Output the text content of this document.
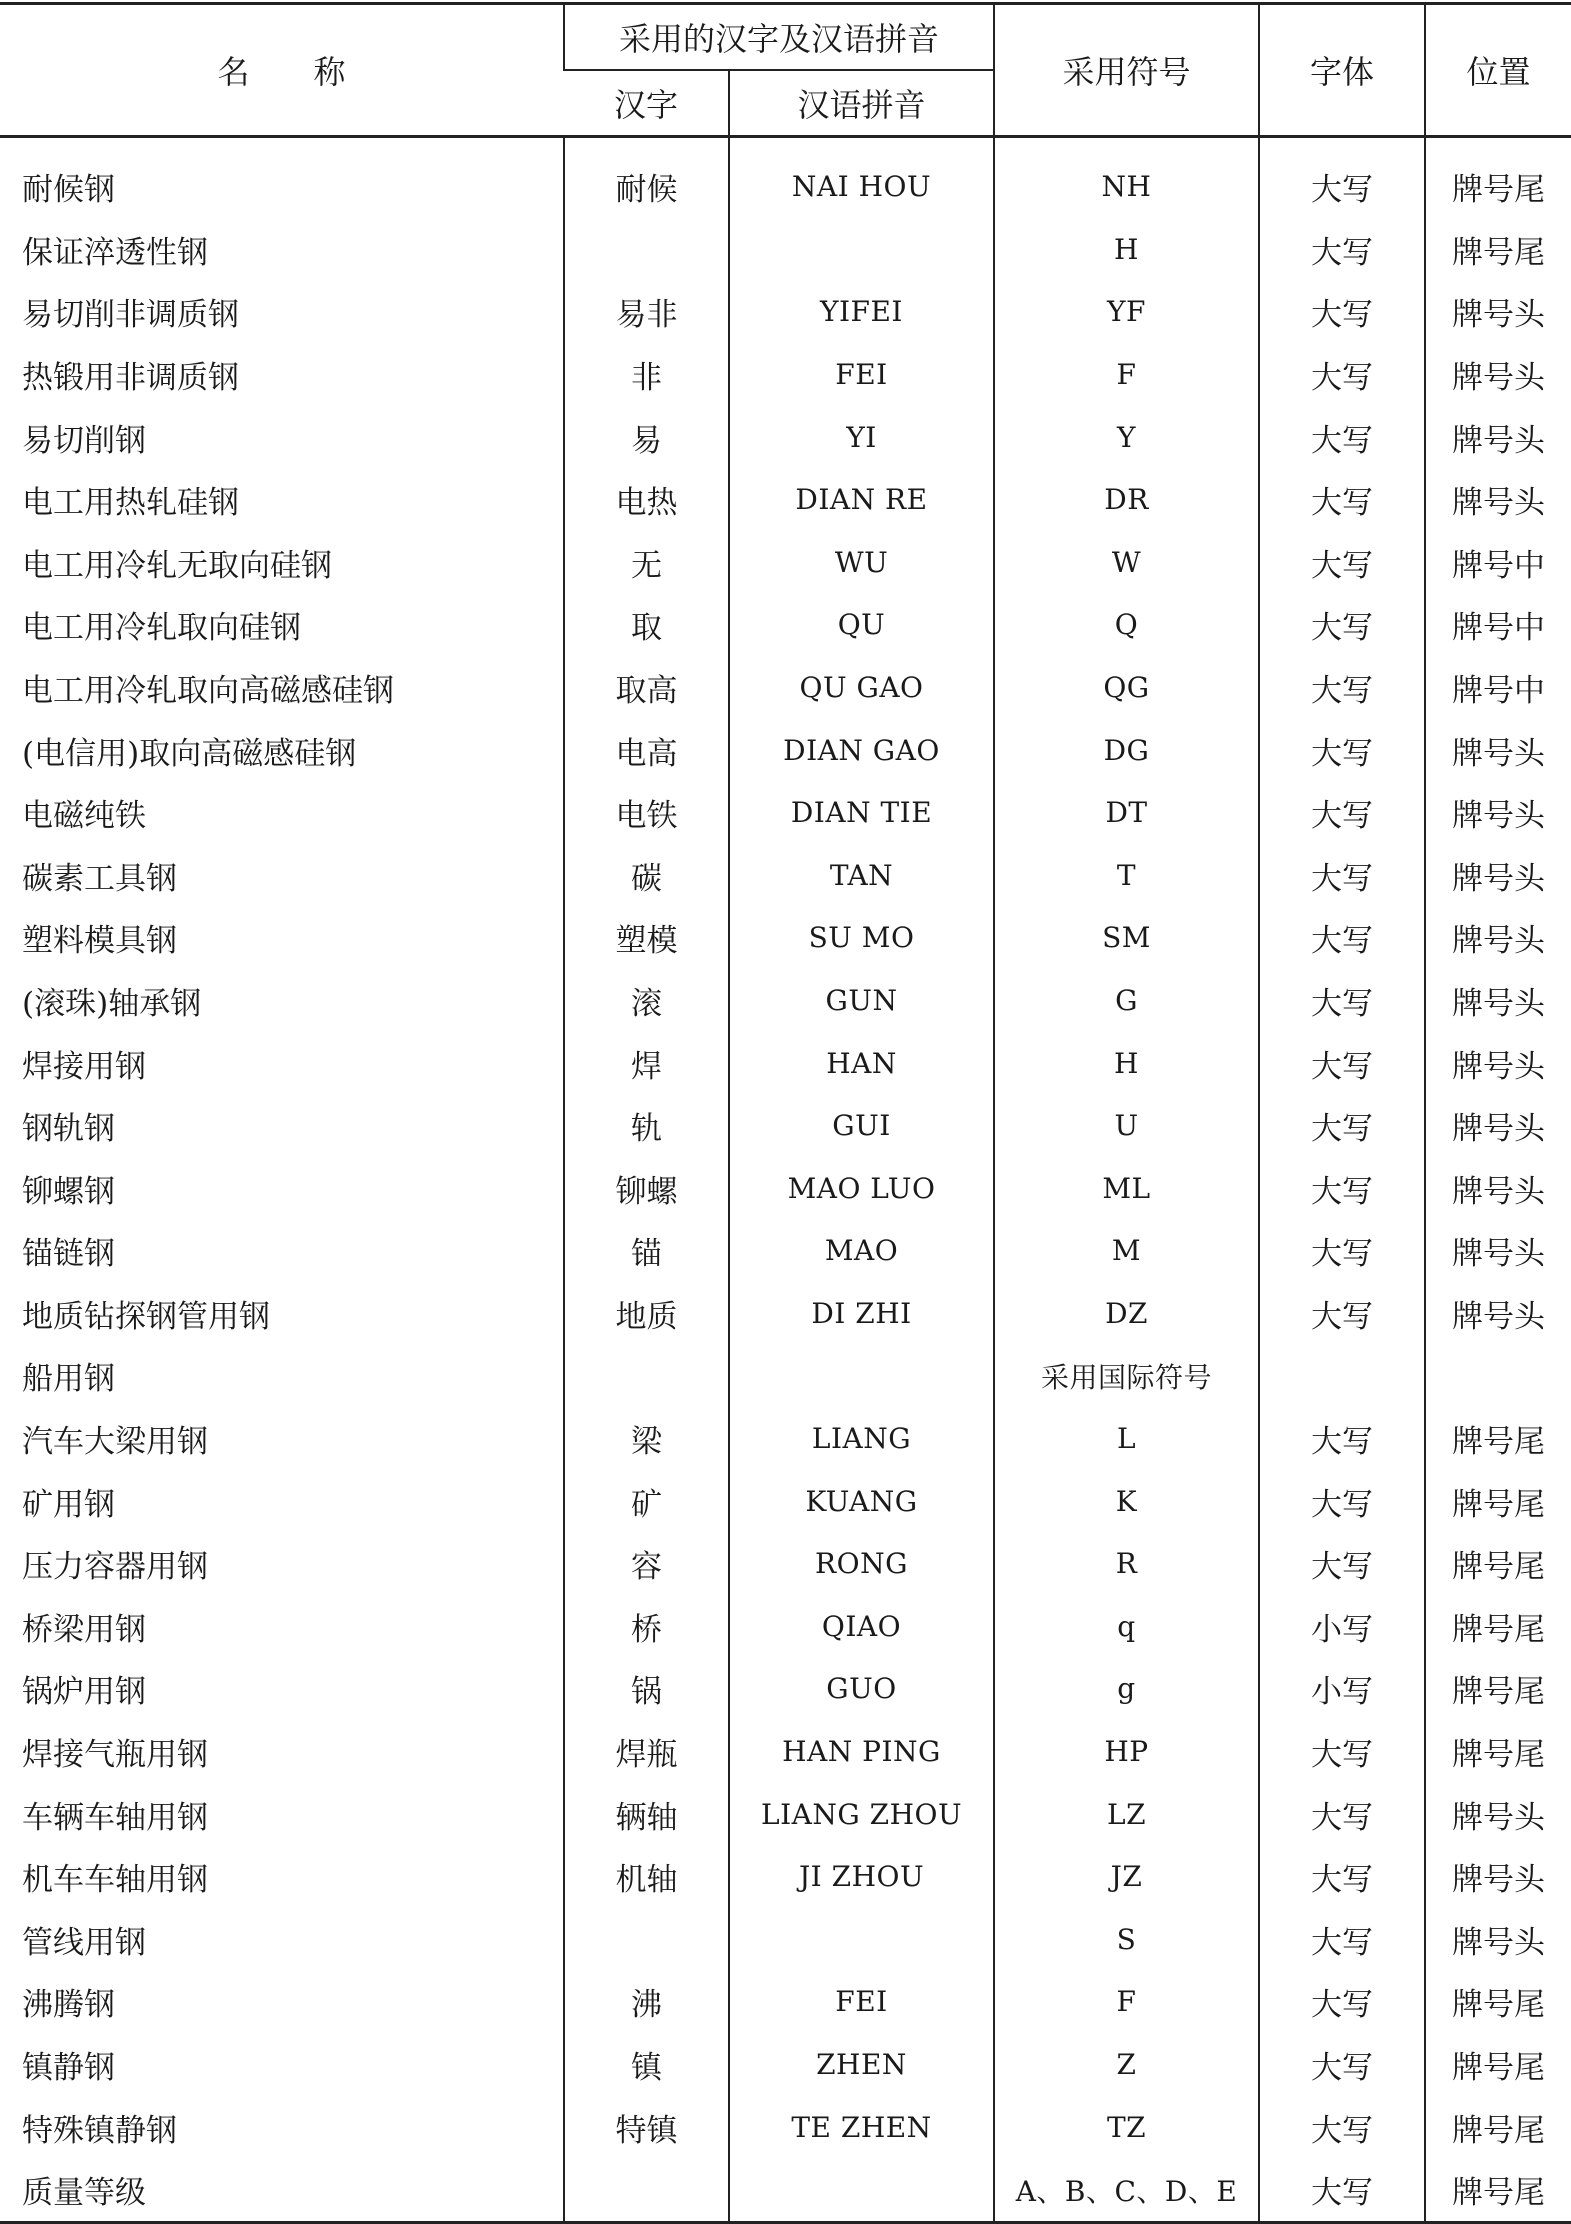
名　　称	采用的汉字及汉语拼音		采用符号	字体	位置
	汉字	汉语拼音			
耐候钢	耐候	NAI HOU	NH	大写	牌号尾
保证淬透性钢			H	大写	牌号尾
易切削非调质钢	易非	YIFEI	YF	大写	牌号头
热锻用非调质钢	非	FEI	F	大写	牌号头
易切削钢	易	YI	Y	大写	牌号头
电工用热轧硅钢	电热	DIAN RE	DR	大写	牌号头
电工用冷轧无取向硅钢	无	WU	W	大写	牌号中
电工用冷轧取向硅钢	取	QU	Q	大写	牌号中
电工用冷轧取向高磁感硅钢	取高	QU GAO	QG	大写	牌号中
(电信用)取向高磁感硅钢	电高	DIAN GAO	DG	大写	牌号头
电磁纯铁	电铁	DIAN TIE	DT	大写	牌号头
碳素工具钢	碳	TAN	T	大写	牌号头
塑料模具钢	塑模	SU MO	SM	大写	牌号头
(滚珠)轴承钢	滚	GUN	G	大写	牌号头
焊接用钢	焊	HAN	H	大写	牌号头
钢轨钢	轨	GUI	U	大写	牌号头
铆螺钢	铆螺	MAO LUO	ML	大写	牌号头
锚链钢	锚	MAO	M	大写	牌号头
地质钻探钢管用钢	地质	DI ZHI	DZ	大写	牌号头
船用钢			采用国际符号		
汽车大梁用钢	梁	LIANG	L	大写	牌号尾
矿用钢	矿	KUANG	K	大写	牌号尾
压力容器用钢	容	RONG	R	大写	牌号尾
桥梁用钢	桥	QIAO	q	小写	牌号尾
锅炉用钢	锅	GUO	g	小写	牌号尾
焊接气瓶用钢	焊瓶	HAN PING	HP	大写	牌号尾
车辆车轴用钢	辆轴	LIANG ZHOU	LZ	大写	牌号头
机车车轴用钢	机轴	JI ZHOU	JZ	大写	牌号头
管线用钢			S	大写	牌号头
沸腾钢	沸	FEI	F	大写	牌号尾
镇静钢	镇	ZHEN	Z	大写	牌号尾
特殊镇静钢	特镇	TE ZHEN	TZ	大写	牌号尾
质量等级			A、B、C、D、E	大写	牌号尾
